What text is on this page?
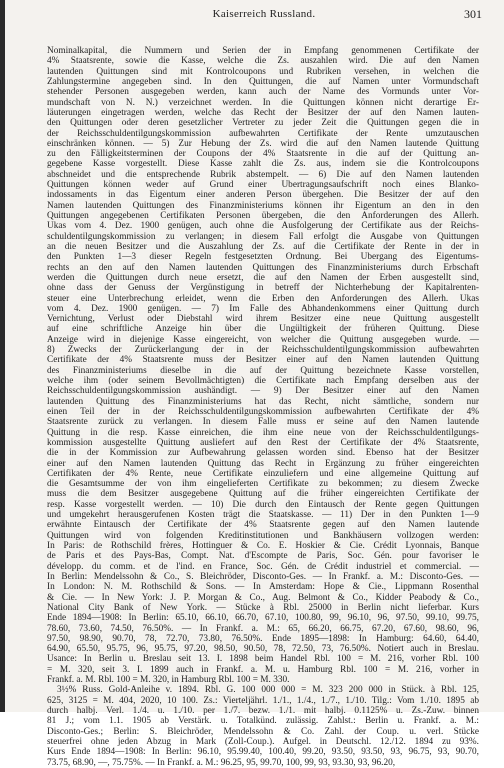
Kaiserreich Russland.	301
Nominalkapital, die Nummern und Serien der in Empfang genommenen Certifikate der
4% Staatsrente, sowie die Kasse, welche die Zs. auszahlen wird. Die auf den Namen
lautenden Quittungen sind mit Kontrolcoupons und Rubriken versehen, in welchen die
Zahlungstermine angegeben sind. In den Quittungen, die auf Namen unter Vormundschaft
stehender Personen ausgegeben werden, kann auch der Name des Vormunds unter Vor-
mundschaft von N. N.) verzeichnet werden. In die Quittungen können nicht derartige Er-
läuterungen eingetragen werden, welche das Recht der Besitzer der auf den Namen lauten-
den Quittungen oder deren gesetzlicher Vertreter zu jeder Zeit die Quittungen gegen die in
der Reichsschuldentilgungskommission aufbewahrten Certifikate der Rente umzutauschen
einschränken können. — 5) Zur Hebung der Zs. wird die auf den Namen lautende Quittung
zu den Fälligkeitsterminen der Coupons der 4% Staatsrente in die auf der Quittung an-
gegebene Kasse vorgestellt. Diese Kasse zahlt die Zs. aus, indem sie die Kontrolcoupons
abschneidet und die entsprechende Rubrik abstempelt. — 6) Die auf den Namen lautenden
Quittungen können weder auf Grund einer Übertragungsaufschrift noch eines Blanko-
indossaments in das Eigentum einer anderen Person übergehen. Die Besitzer der auf den
Namen lautenden Quittungen des Finanzministeriums können ihr Eigentum an den in den
Quittungen angegebenen Certifikaten Personen übergeben, die den Anforderungen des Allerh.
Ukas vom 4. Dez. 1900 genügen, auch ohne die Ausfolgerung der Certifikate aus der Reichs-
schuldentilgungskommission zu verlangen; in diesem Fall erfolgt die Ausgabe von Quittungen
an die neuen Besitzer und die Auszahlung der Zs. auf die Certifikate der Rente in der in
den Punkten 1—3 dieser Regeln festgesetzten Ordnung. Bei Übergang des Eigentums-
rechts an den auf den Namen lautenden Quittungen des Finanzministeriums durch Erbschaft
werden die Quittungen durch neue ersetzt, die auf den Namen der Erben ausgestellt sind,
ohne dass der Genuss der Vergünstigung in betreff der Nichterhebung der Kapitalrenten-
steuer eine Unterbrechung erleidet, wenn die Erben den Anforderungen des Allerh. Ukas
vom 4. Dez. 1900 genügen. — 7) Im Falle des Abhandenkommens einer Quittung durch
Vernichtung, Verlust oder Diebstahl wird ihrem Besitzer eine neue Quittung ausgestellt
auf eine schriftliche Anzeige hin über die Ungültigkeit der früheren Quittung. Diese
Anzeige wird in diejenige Kasse eingereicht, von welcher die Quittung ausgegeben wurde. —
8) Zwecks der Zurückerlangung der in der Reichsschuldentilgungskommission aufbewahrten
Certifikate der 4% Staatsrente muss der Besitzer einer auf den Namen lautenden Quittung
des Finanzministeriums dieselbe in die auf der Quittung bezeichnete Kasse vorstellen,
welche ihm (oder seinem Bevollmächtigten) die Certifikate nach Empfang derselben aus der
Reichsschuldentilgungskommission aushändigt. — 9) Der Besitzer einer auf den Namen
lautenden Quittung des Finanzministeriums hat das Recht, nicht sämtliche, sondern nur
einen Teil der in der Reichsschuldentilgungskommission aufbewahrten Certifikate der 4%
Staatsrente zurück zu verlangen. In diesem Falle muss er seine auf den Namen lautende
Quittung in die resp. Kasse einreichen, die ihm eine neue von der Reichsschuldentilgungs-
kommission ausgestellte Quittung ausliefert auf den Rest der Certifikate der 4% Staatsrente,
die in der Kommission zur Aufbewahrung gelassen worden sind. Ebenso hat der Besitzer
einer auf den Namen lautenden Quittung das Recht in Ergänzung zu früher eingereichten
Certifikaten der 4% Rente, neue Certifikate einzuliefern und eine allgemeine Quittung auf
die Gesamtsumme der von ihm eingelieferten Certifikate zu bekommen; zu diesem Zwecke
muss die dem Besitzer ausgegebene Quittung auf die früher eingereichten Certifikate der
resp. Kasse vorgestellt werden. — 10) Die durch den Eintausch der Rente gegen Quittungen
und umgekehrt herausgerufenen Kosten trägt die Staatskasse. — 11) Der in den Punkten 1—9
erwähnte Eintausch der Certifikate der 4% Staatsrente gegen auf den Namen lautende
Quittungen wird von folgenden Kreditinstitutionen und Bankhäusern vollzogen werden:
In Paris: de Rothschild frères, Hottinguer & Co. E. Hoskier & Cie. Crédit Lyonnais, Banque
de Paris et des Pays-Bas, Compt. Nat. d'Escompte de Paris, Soc. Gén. pour favoriser le
développ. du comm. et de l'ind. en France, Soc. Gén. de Crédit industriel et commercial. —
In Berlin: Mendelssohn & Co., S. Bleichröder, Disconto-Ges. — In Frankf. a. M.: Disconto-Ges. —
In London: N. M. Rothschild & Sons. — In Amsterdam: Hope & Cie., Lippmann Rosenthal
& Cie. — In New York: J. P. Morgan & Co., Aug. Belmont & Co., Kidder Peabody & Co.,
National City Bank of New York. — Stücke à Rbl. 25000 in Berlin nicht lieferbar. Kurs
Ende 1894—1908: In Berlin: 65.10, 66.10, 66.70, 67.10, 100.80, 99, 96.10, 96, 97.50, 99.10, 99.75,
78.60, 73.60, 74.50, 76.50%. — In Frankf. a. M.: 65, 66.20, 66.75, 67.20, 67.60, 98.60, 96,
97.50, 98.90, 90.70, 78, 72.70, 73.80, 76.50%. Ende 1895—1898: In Hamburg: 64.60, 64.40,
64.90, 65.50, 95.75, 96, 95.75, 97.20, 98.50, 90.50, 78, 72.50, 73, 76.50%. Notiert auch in Breslau.
Usance: In Berlin u. Breslau seit 13. I. 1898 beim Handel Rbl. 100 = M. 216, vorher Rbl. 100
= M. 320, seit 3. I. 1899 auch in Frankf. a. M. u. Hamburg Rbl. 100 = M. 216, vorher in
Frankf. a. M. Rbl. 100 = M. 320, in Hamburg Rbl. 100 = M. 330.
3½% Russ. Gold-Anleihe v. 1894. Rbl. G. 100 000 000 = M. 323 200 000 in Stück. à Rbl. 125,
625, 3125 = M. 404, 2020, 10 100. Zs.: Vierteljährl. 1./1., 1./4., 1./7., 1./10. Tilg.: Vom 1./10. 1895 ab
durch halbj. Verl. 1./4. u. 1./10. per 1./7. bezw. 1./1. mit halbj. 0.1125% u. Zs.-Zuw. binnen
81 J.; vom 1.1. 1905 ab Verstärk. u. Totalkünd. zulässig. Zahlst.: Berlin u. Frankf. a. M.:
Disconto-Ges.; Berlin: S. Bleichröder, Mendelssohn & Co. Zahl. der Coup. u. verl. Stücke
steuerfrei ohne jeden Abzug in Mark (Zoll-Coup.). Aufgel. in Deutschl. 12./12. 1894 zu 93%.
Kurs Ende 1894—1908: In Berlin: 96.10, 95.99.40, 100.40, 99.20, 93.50, 93.50, 93, 96.75, 93, 90.70,
73.75, 68.90, —, 75.75%. — In Frankf. a. M.: 96.25, 95, 99.70, 100, 99, 93, 93.30, 93, 96.20,
